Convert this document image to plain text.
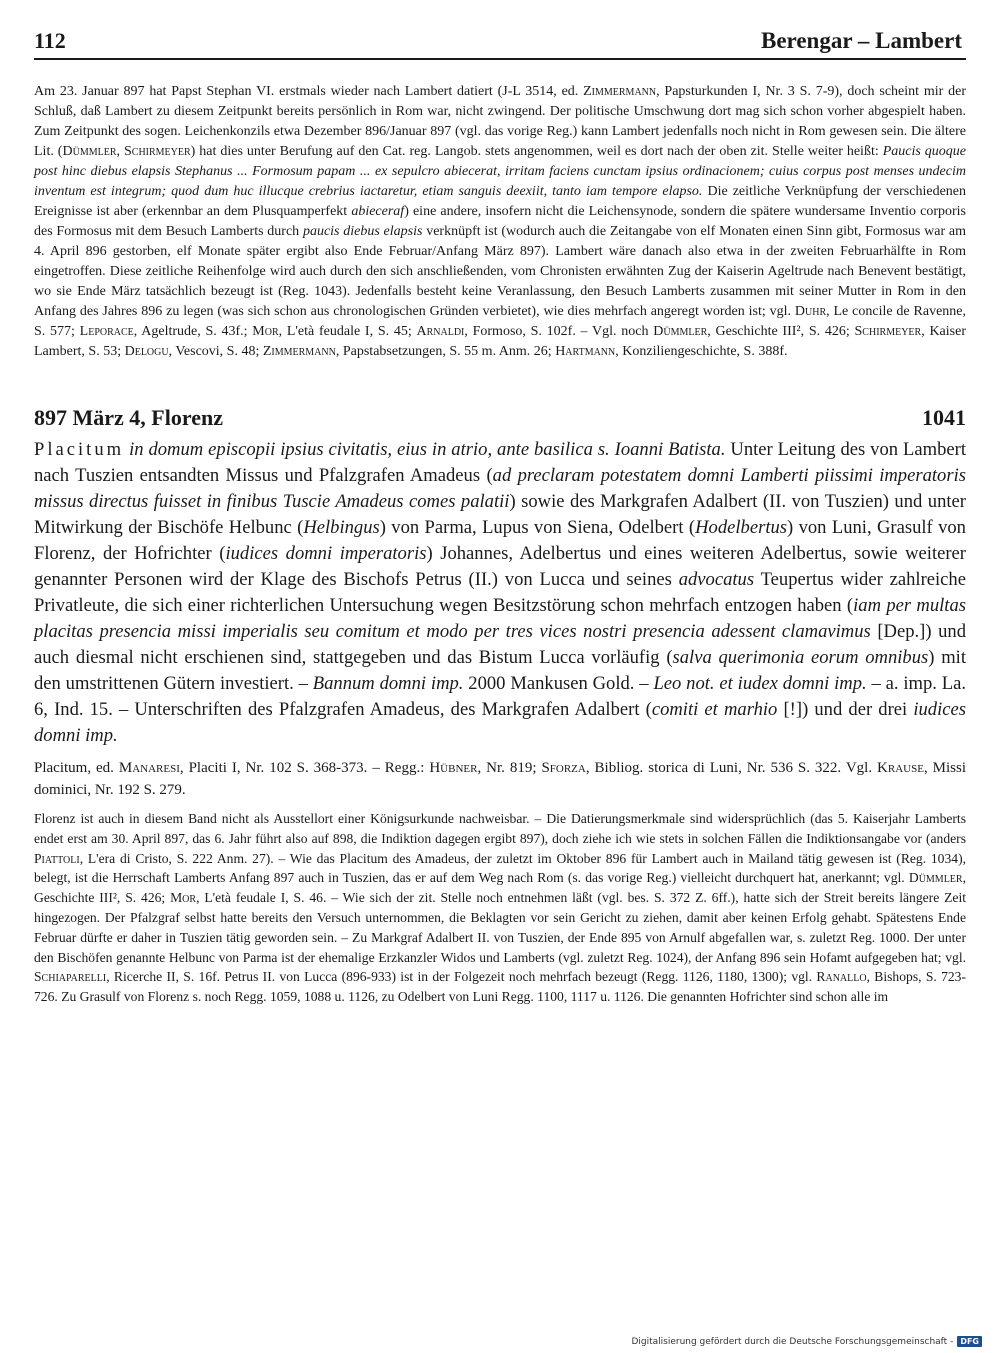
112	Berengar – Lambert

Am 23. Januar 897 hat Papst Stephan VI. erstmals wieder nach Lambert datiert (J-L 3514, ed. Zimmermann, Papsturkunden I, Nr. 3 S. 7-9), doch scheint mir der Schluß, daß Lambert zu diesem Zeitpunkt bereits persönlich in Rom war, nicht zwingend. Der politische Umschwung dort mag sich schon vorher abgespielt haben. Zum Zeitpunkt des sogen. Leichenkonzils etwa Dezember 896/Januar 897 (vgl. das vorige Reg.) kann Lambert jedenfalls noch nicht in Rom gewesen sein. Die ältere Lit. (Dümmler, Schirmeyer) hat dies unter Berufung auf den Cat. reg. Langob. stets angenommen, weil es dort nach der oben zit. Stelle weiter heißt: Paucis quoque post hinc diebus elapsis Stephanus ... Formosum papam ... ex sepulcro abiecerat, irritam faciens cunctam ipsius ordinacionem; cuius corpus post menses undecim inventum est integrum; quod dum huc illucque crebrius iactaretur, etiam sanguis deexiit, tanto iam tempore elapso. Die zeitliche Verknüpfung der verschiedenen Ereignisse ist aber (erkennbar an dem Plusquamperfekt abieceraf) eine andere, insofern nicht die Leichensynode, sondern die spätere wundersame Inventio corporis des Formosus mit dem Besuch Lamberts durch paucis diebus elapsis verknüpft ist (wodurch auch die Zeitangabe von elf Monaten einen Sinn gibt, Formosus war am 4. April 896 gestorben, elf Monate später ergibt also Ende Februar/Anfang März 897). Lambert wäre danach also etwa in der zweiten Februarhälfte in Rom eingetroffen. Diese zeitliche Reihenfolge wird auch durch den sich anschließenden, vom Chronisten erwähnten Zug der Kaiserin Ageltrude nach Benevent bestätigt, wo sie Ende März tatsächlich bezeugt ist (Reg. 1043). Jedenfalls besteht keine Veranlassung, den Besuch Lamberts zusammen mit seiner Mutter in Rom in den Anfang des Jahres 896 zu legen (was sich schon aus chronologischen Gründen verbietet), wie dies mehrfach angeregt worden ist; vgl. Duhr, Le concile de Ravenne, S. 577; Leporace, Ageltrude, S. 43f.; Mor, L'età feudale I, S. 45; Arnaldi, Formoso, S. 102f. – Vgl. noch Dümmler, Geschichte III², S. 426; Schirmeyer, Kaiser Lambert, S. 53; Delogu, Vescovi, S. 48; Zimmermann, Papstabsetzungen, S. 55 m. Anm. 26; Hartmann, Konziliengeschichte, S. 388f.

897 März 4, Florenz	1041

Placitum in domum episcopii ipsius civitatis, eius in atrio, ante basilica s. Ioanni Batista. Unter Leitung des von Lambert nach Tuszien entsandten Missus und Pfalzgrafen Amadeus (ad preclaram potestatem domni Lamberti piissimi imperatoris missus directus fuisset in finibus Tuscie Amadeus comes palatii) sowie des Markgrafen Adalbert (II. von Tuszien) und unter Mitwirkung der Bischöfe Helbunc (Helbingus) von Parma, Lupus von Siena, Odelbert (Hodelbertus) von Luni, Grasulf von Florenz, der Hofrichter (iudices domni imperatoris) Johannes, Adelbertus und eines weiteren Adelbertus, sowie weiterer genannter Personen wird der Klage des Bischofs Petrus (II.) von Lucca und seines advocatus Teupertus wider zahlreiche Privatleute, die sich einer richterlichen Untersuchung wegen Besitzstörung schon mehrfach entzogen haben (iam per multas placitas presencia missi imperialis seu comitum et modo per tres vices nostri presencia adessent clamavimus [Dep.]) und auch diesmal nicht erschienen sind, stattgegeben und das Bistum Lucca vorläufig (salva querimonia eorum omnibus) mit den umstrittenen Gütern investiert. – Bannum domni imp. 2000 Mankusen Gold. – Leo not. et iudex domni imp. – a. imp. La. 6, Ind. 15. – Unterschriften des Pfalzgrafen Amadeus, des Markgrafen Adalbert (comiti et marhio [!]) und der drei iudices domni imp.

Placitum, ed. Manaresi, Placiti I, Nr. 102 S. 368-373. – Regg.: Hübner, Nr. 819; Sforza, Bibliog. storica di Luni, Nr. 536 S. 322. Vgl. Krause, Missi dominici, Nr. 192 S. 279.

Florenz ist auch in diesem Band nicht als Ausstellort einer Königsurkunde nachweisbar. – Die Datierungsmerkmale sind widersprüchlich (das 5. Kaiserjahr Lamberts endet erst am 30. April 897, das 6. Jahr führt also auf 898, die Indiktion dagegen ergibt 897), doch ziehe ich wie stets in solchen Fällen die Indiktionsangabe vor (anders Piattoli, L'era di Cristo, S. 222 Anm. 27). – Wie das Placitum des Amadeus, der zuletzt im Oktober 896 für Lambert auch in Mailand tätig gewesen ist (Reg. 1034), belegt, ist die Herrschaft Lamberts Anfang 897 auch in Tuszien, das er auf dem Weg nach Rom (s. das vorige Reg.) vielleicht durchquert hat, anerkannt; vgl. Dümmler, Geschichte III², S. 426; Mor, L'età feudale I, S. 46. – Wie sich der zit. Stelle noch entnehmen läßt (vgl. bes. S. 372 Z. 6ff.), hatte sich der Streit bereits längere Zeit hingezogen. Der Pfalzgraf selbst hatte bereits den Versuch unternommen, die Beklagten vor sein Gericht zu ziehen, damit aber keinen Erfolg gehabt. Spätestens Ende Februar dürfte er daher in Tuszien tätig geworden sein. – Zu Markgraf Adalbert II. von Tuszien, der Ende 895 von Arnulf abgefallen war, s. zuletzt Reg. 1000. Der unter den Bischöfen genannte Helbunc von Parma ist der ehemalige Erzkanzler Widos und Lamberts (vgl. zuletzt Reg. 1024), der Anfang 896 sein Hofamt aufgegeben hat; vgl. Schiaparelli, Ricerche II, S. 16f. Petrus II. von Lucca (896-933) ist in der Folgezeit noch mehrfach bezeugt (Regg. 1126, 1180, 1300); vgl. Ranallo, Bishops, S. 723-726. Zu Grasulf von Florenz s. noch Regg. 1059, 1088 u. 1126, zu Odelbert von Luni Regg. 1100, 1117 u. 1126. Die genannten Hofrichter sind schon alle im

Digitalisierung gefördert durch die Deutsche Forschungsgemeinschaft - DFG
